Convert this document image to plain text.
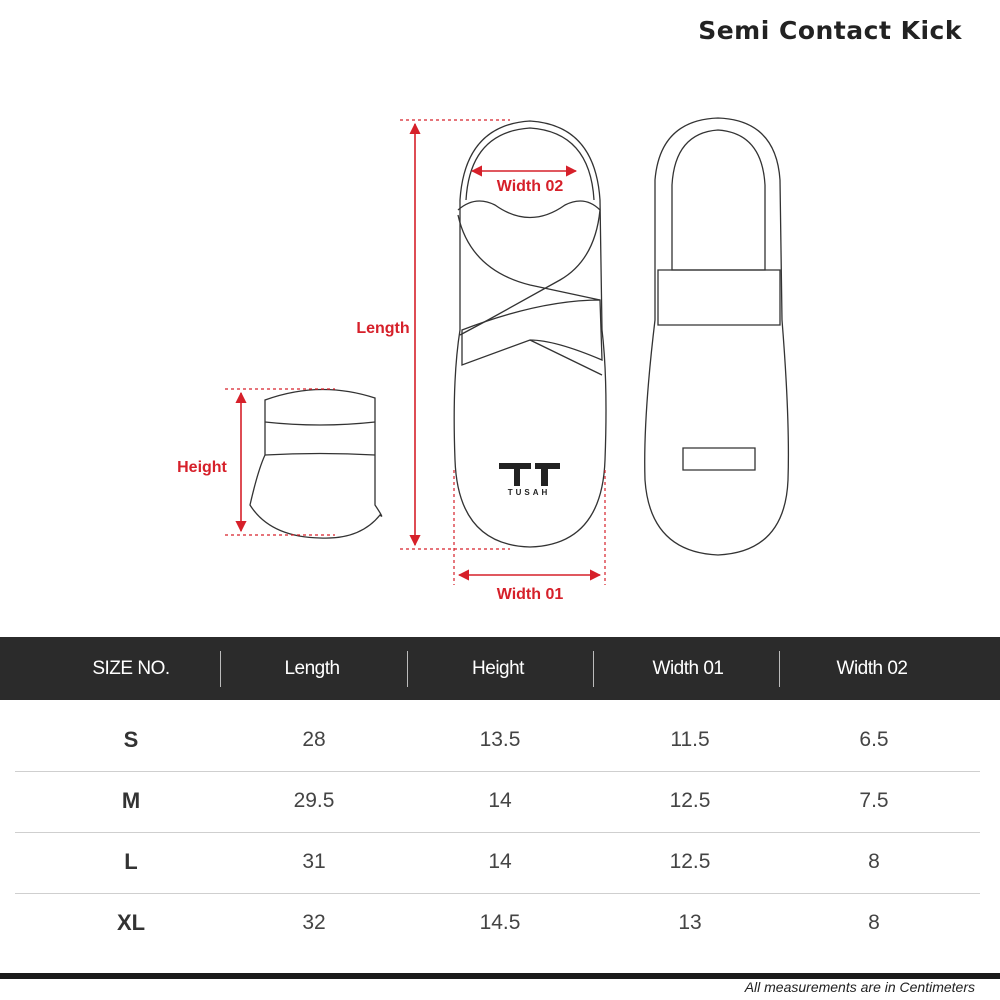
Semi Contact Kick
TUSAH
Width 02
Length
Height
Width 01
SIZE NO.	Length	Height	Width 01	Width 02
S	28	13.5	11.5	6.5
M	29.5	14	12.5	7.5
L	31	14	12.5	8
XL	32	14.5	13	8
All measurements are in Centimeters
